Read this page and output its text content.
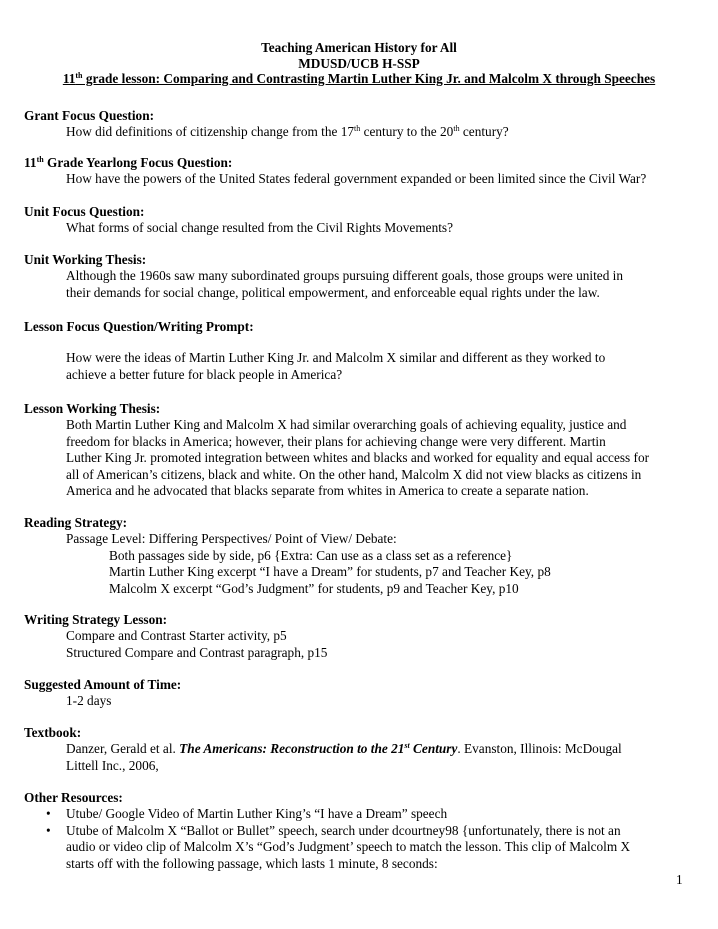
Teaching American History for All
MDUSD/UCB H-SSP
11th grade lesson: Comparing and Contrasting Martin Luther King Jr. and Malcolm X through Speeches
Grant Focus Question:
How did definitions of citizenship change from the 17th century to the 20th century?
11th Grade Yearlong Focus Question:
How have the powers of the United States federal government expanded or been limited since the Civil War?
Unit Focus Question:
What forms of social change resulted from the Civil Rights Movements?
Unit Working Thesis:
Although the 1960s saw many subordinated groups pursuing different goals, those groups were united in
their demands for social change, political empowerment, and enforceable equal rights under the law.
Lesson Focus Question/Writing Prompt:
How were the ideas of Martin Luther King Jr. and Malcolm X similar and different as they worked to
achieve a better future for black people in America?
Lesson Working Thesis:
Both Martin Luther King and Malcolm X had similar overarching goals of achieving equality, justice and
freedom for blacks in America; however, their plans for achieving change were very different. Martin
Luther King Jr. promoted integration between whites and blacks and worked for equality and equal access for
all of American’s citizens, black and white. On the other hand, Malcolm X did not view blacks as citizens in
America and he advocated that blacks separate from whites in America to create a separate nation.
Reading Strategy:
Passage Level: Differing Perspectives/ Point of View/ Debate:
Both passages side by side, p6 {Extra: Can use as a class set as a reference}
Martin Luther King excerpt “I have a Dream” for students, p7 and Teacher Key, p8
Malcolm X excerpt “God’s Judgment” for students, p9 and Teacher Key, p10
Writing Strategy Lesson:
Compare and Contrast Starter activity, p5
Structured Compare and Contrast paragraph, p15
Suggested Amount of Time:
1-2 days
Textbook:
Danzer, Gerald et al. The Americans: Reconstruction to the 21st Century. Evanston, Illinois: McDougal
Littell Inc., 2006,
Other Resources:
• Utube/ Google Video of Martin Luther King’s “I have a Dream” speech
• Utube of Malcolm X “Ballot or Bullet” speech, search under dcourtney98 {unfortunately, there is not an
audio or video clip of Malcolm X’s “God’s Judgment’ speech to match the lesson. This clip of Malcolm X
starts off with the following passage, which lasts 1 minute, 8 seconds:
1
